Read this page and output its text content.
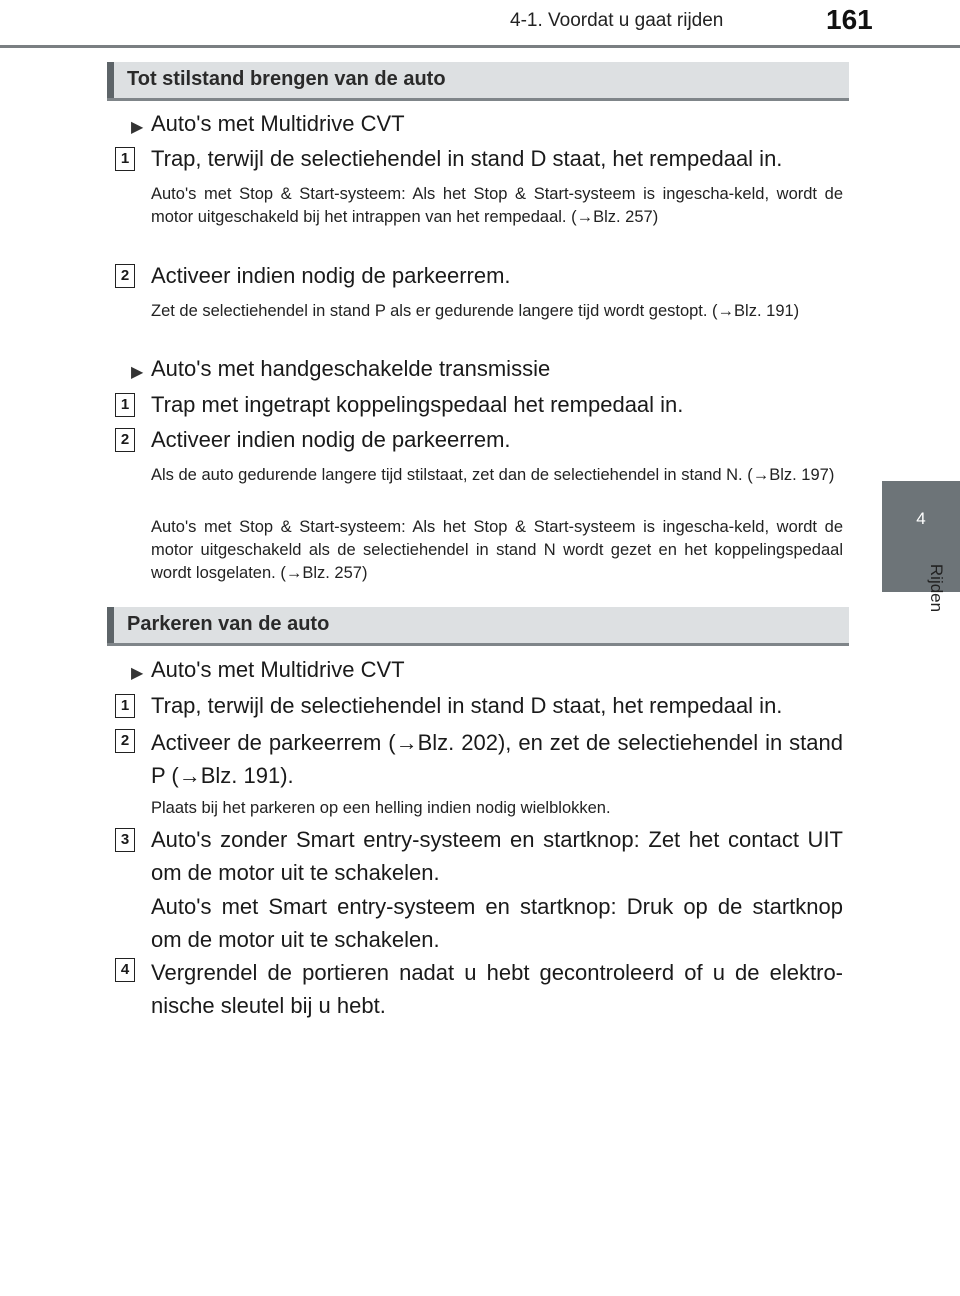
4-1. Voordat u gaat rijden	161
4
Rijden
Tot stilstand brengen van de auto
▶ Auto's met Multidrive CVT
1 Trap, terwijl de selectiehendel in stand D staat, het rempedaal in.
Auto's met Stop & Start-systeem: Als het Stop & Start-systeem is ingescha-keld, wordt de motor uitgeschakeld bij het intrappen van het rempedaal. (→Blz. 257)
2 Activeer indien nodig de parkeerrem.
Zet de selectiehendel in stand P als er gedurende langere tijd wordt gestopt. (→Blz. 191)
▶ Auto's met handgeschakelde transmissie
1 Trap met ingetrapt koppelingspedaal het rempedaal in.
2 Activeer indien nodig de parkeerrem.
Als de auto gedurende langere tijd stilstaat, zet dan de selectiehendel in stand N. (→Blz. 197)
Auto's met Stop & Start-systeem: Als het Stop & Start-systeem is ingescha-keld, wordt de motor uitgeschakeld als de selectiehendel in stand N wordt gezet en het koppelingspedaal wordt losgelaten. (→Blz. 257)
Parkeren van de auto
▶ Auto's met Multidrive CVT
1 Trap, terwijl de selectiehendel in stand D staat, het rempedaal in.
2 Activeer de parkeerrem (→Blz. 202), en zet de selectiehendel in stand P (→Blz. 191).
Plaats bij het parkeren op een helling indien nodig wielblokken.
3 Auto's zonder Smart entry-systeem en startknop: Zet het contact UIT om de motor uit te schakelen.
Auto's met Smart entry-systeem en startknop: Druk op de startknop om de motor uit te schakelen.
4 Vergrendel de portieren nadat u hebt gecontroleerd of u de elektro-nische sleutel bij u hebt.
